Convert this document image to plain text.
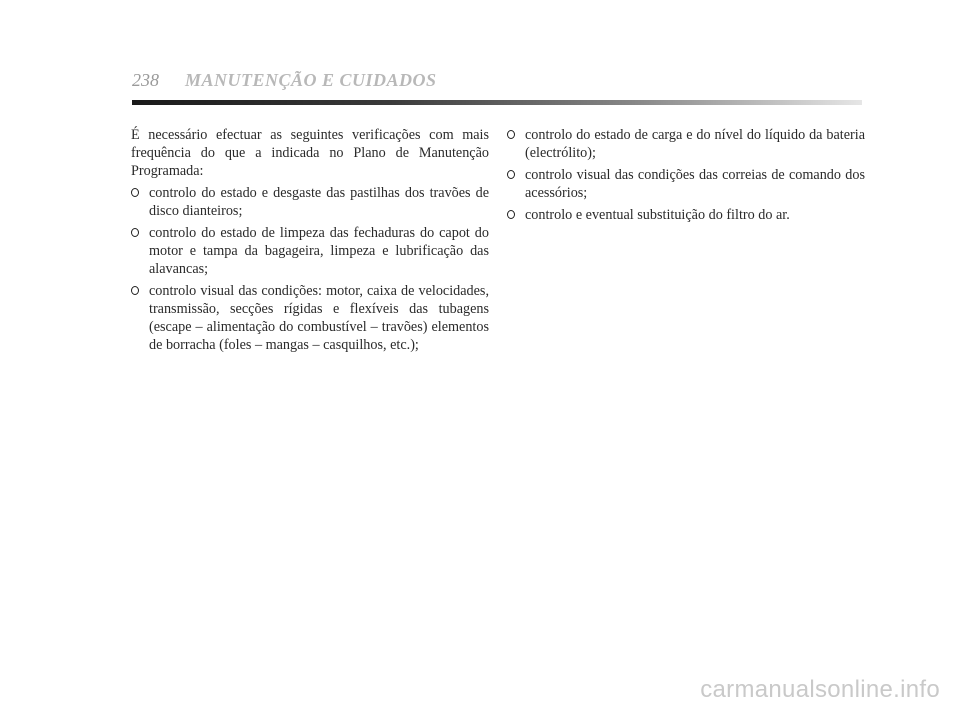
238 MANUTENÇÃO E CUIDADOS

É necessário efectuar as seguintes verificações com mais frequência do que a indicada no Plano de Manutenção Programada:

controlo do estado e desgaste das pastilhas dos travões de disco dianteiros;
controlo do estado de limpeza das fechaduras do capot do motor e tampa da bagageira, limpeza e lubrificação das alavancas;
controlo visual das condições: motor, caixa de velocidades, transmissão, secções rígidas e flexíveis das tubagens (escape – alimentação do combustível – travões) elementos de borracha (foles – mangas – casquilhos, etc.);
controlo do estado de carga e do nível do líquido da bateria (electrólito);
controlo visual das condições das correias de comando dos acessórios;
controlo e eventual substituição do filtro do ar.
carmanualsonline.info
